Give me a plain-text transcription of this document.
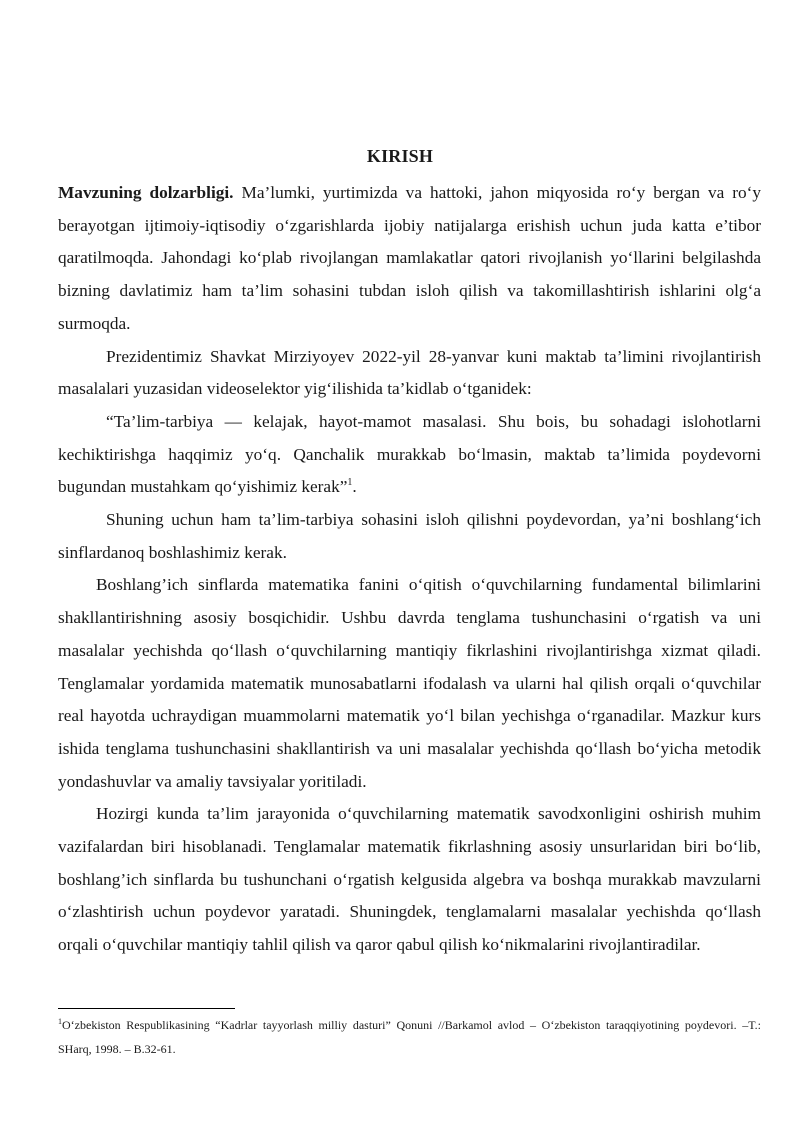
KIRISH

Mavzuning dolzarbligi. Ma’lumki, yurtimizda va hattoki, jahon miqyosida ro‘y bergan va ro‘y berayotgan ijtimoiy-iqtisodiy o‘zgarishlarda ijobiy natijalarga erishish uchun juda katta e’tibor qaratilmoqda. Jahondagi ko‘plab rivojlangan mamlakatlar qatori rivojlanish yo‘llarini belgilashda bizning davlatimiz ham ta’lim sohasini tubdan isloh qilish va takomillashtirish ishlarini olg‘a surmoqda.

Prezidentimiz Shavkat Mirziyoyev 2022-yil 28-yanvar kuni maktab ta’limini rivojlantirish masalalari yuzasidan videoselektor yig‘ilishida ta’kidlab o‘tganidek:

“Ta’lim-tarbiya — kelajak, hayot-mamot masalasi. Shu bois, bu sohadagi islohotlarni kechiktirishga haqqimiz yo‘q. Qanchalik murakkab bo‘lmasin, maktab ta’limida poydevorni bugundan mustahkam qo‘yishimiz kerak”$^1$.

Shuning uchun ham ta’lim-tarbiya sohasini isloh qilishni poydevordan, ya’ni boshlang‘ich sinflardanoq boshlashimiz kerak.

Boshlang’ich sinflarda matematika fanini o‘qitish o‘quvchilarning fundamental bilimlarini shakllantirishning asosiy bosqichidir. Ushbu davrda tenglama tushunchasini o‘rgatish va uni masalalar yechishda qo‘llash o‘quvchilarning mantiqiy fikrlashini rivojlantirishga xizmat qiladi. Tenglamalar yordamida matematik munosabatlarni ifodalash va ularni hal qilish orqali o‘quvchilar real hayotda uchraydigan muammolarni matematik yo‘l bilan yechishga o‘rganadilar. Mazkur kurs ishida tenglama tushunchasini shakllantirish va uni masalalar yechishda qo‘llash bo‘yicha metodik yondashuvlar va amaliy tavsiyalar yoritiladi.

Hozirgi kunda ta’lim jarayonida o‘quvchilarning matematik savodxonligini oshirish muhim vazifalardan biri hisoblanadi. Tenglamalar matematik fikrlashning asosiy unsurlaridan biri bo‘lib, boshlang’ich sinflarda bu tushunchani o‘rgatish kelgusida algebra va boshqa murakkab mavzularni o‘zlashtirish uchun poydevor yaratadi. Shuningdek, tenglamalarni masalalar yechishda qo‘llash orqali o‘quvchilar mantiqiy tahlil qilish va qaror qabul qilish ko‘nikmalarini rivojlantiradilar.

$^1$O‘zbekiston Respublikasining “Kadrlar tayyorlash milliy dasturi” Qonuni //Barkamol avlod – O‘zbekiston taraqqiyotining poydevori. –T.: SHarq, 1998. – B.32-61.
